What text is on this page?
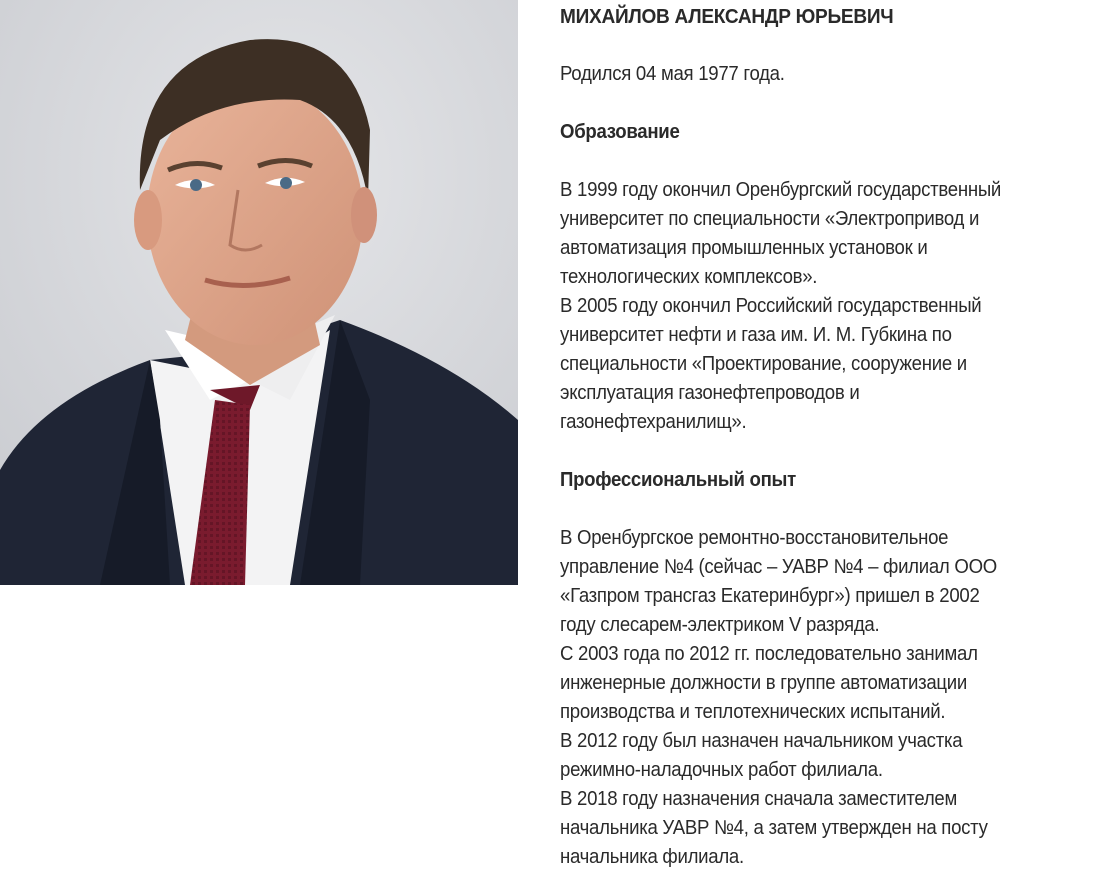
МИХАЙЛОВ АЛЕКСАНДР ЮРЬЕВИЧ

Родился 04 мая 1977 года.

Образование
В 1999 году окончил Оренбургский государственный
университет по специальности «Электропривод и
автоматизация промышленных установок и
технологических комплексов».
В 2005 году окончил Российский государственный
университет нефти и газа им. И. М. Губкина по
специальности «Проектирование, сооружение и
эксплуатация газонефтепроводов и
газонефтехранилищ».
Профессиональный опыт
В Оренбургское ремонтно-восстановительное
управление №4 (сейчас – УАВР №4 – филиал ООО
«Газпром трансгаз Екатеринбург») пришел в 2002
году слесарем-электриком V разряда.
С 2003 года по 2012 гг. последовательно занимал
инженерные должности в группе автоматизации
производства и теплотехнических испытаний.
В 2012 году был назначен начальником участка
режимно-наладочных работ филиала.
В 2018 году назначения сначала заместителем
начальника УАВР №4, а затем утвержден на посту
начальника филиала.
